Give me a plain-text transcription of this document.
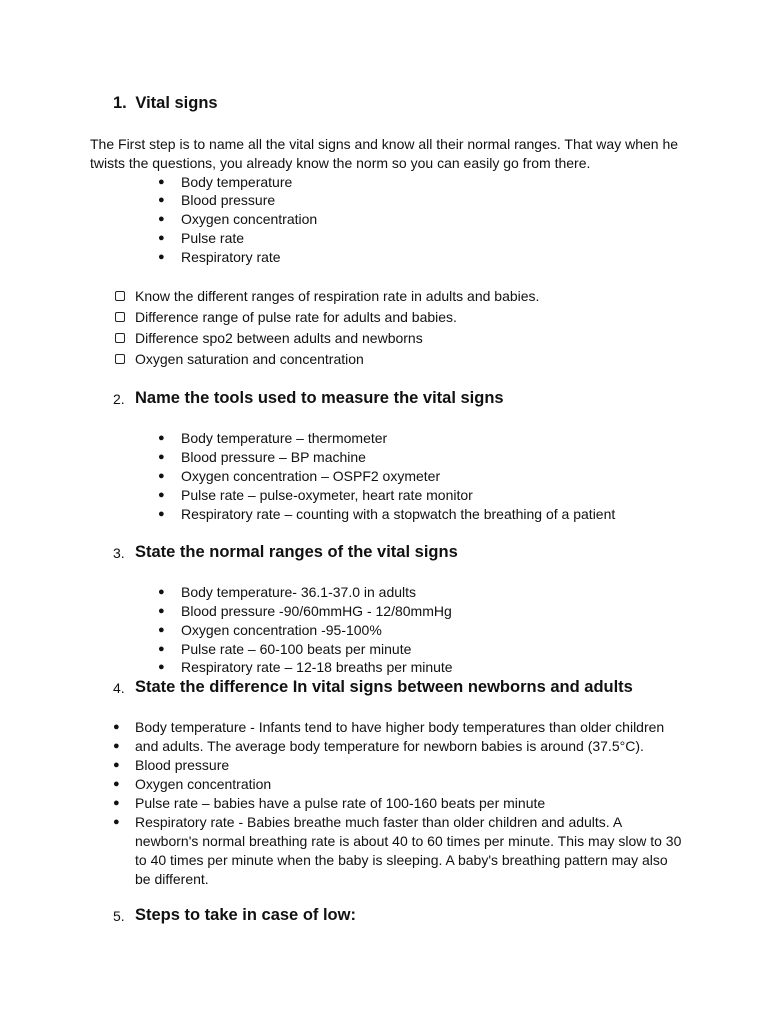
1. Vital signs
The First step is to name all the vital signs and know all their normal ranges. That way when he
twists the questions, you already know the norm so you can easily go from there.
● Body temperature
● Blood pressure
● Oxygen concentration
● Pulse rate
● Respiratory rate
Know the different ranges of respiration rate in adults and babies.
Difference range of pulse rate for adults and babies.
Difference spo2 between adults and newborns
Oxygen saturation and concentration
2. Name the tools used to measure the vital signs
● Body temperature – thermometer
● Blood pressure – BP machine
● Oxygen concentration – OSPF2 oxymeter
● Pulse rate – pulse-oxymeter, heart rate monitor
● Respiratory rate – counting with a stopwatch the breathing of a patient
3. State the normal ranges of the vital signs
● Body temperature- 36.1-37.0 in adults
● Blood pressure -90/60mmHG - 12/80mmHg
● Oxygen concentration -95-100%
● Pulse rate – 60-100 beats per minute
● Respiratory rate – 12-18 breaths per minute
4. State the difference In vital signs between newborns and adults
● Body temperature - Infants tend to have higher body temperatures than older children
● and adults. The average body temperature for newborn babies is around (37.5°C).
● Blood pressure
● Oxygen concentration
● Pulse rate – babies have a pulse rate of 100-160 beats per minute
● Respiratory rate - Babies breathe much faster than older children and adults. A
newborn's normal breathing rate is about 40 to 60 times per minute. This may slow to 30
to 40 times per minute when the baby is sleeping. A baby's breathing pattern may also
be different.
5. Steps to take in case of low:
